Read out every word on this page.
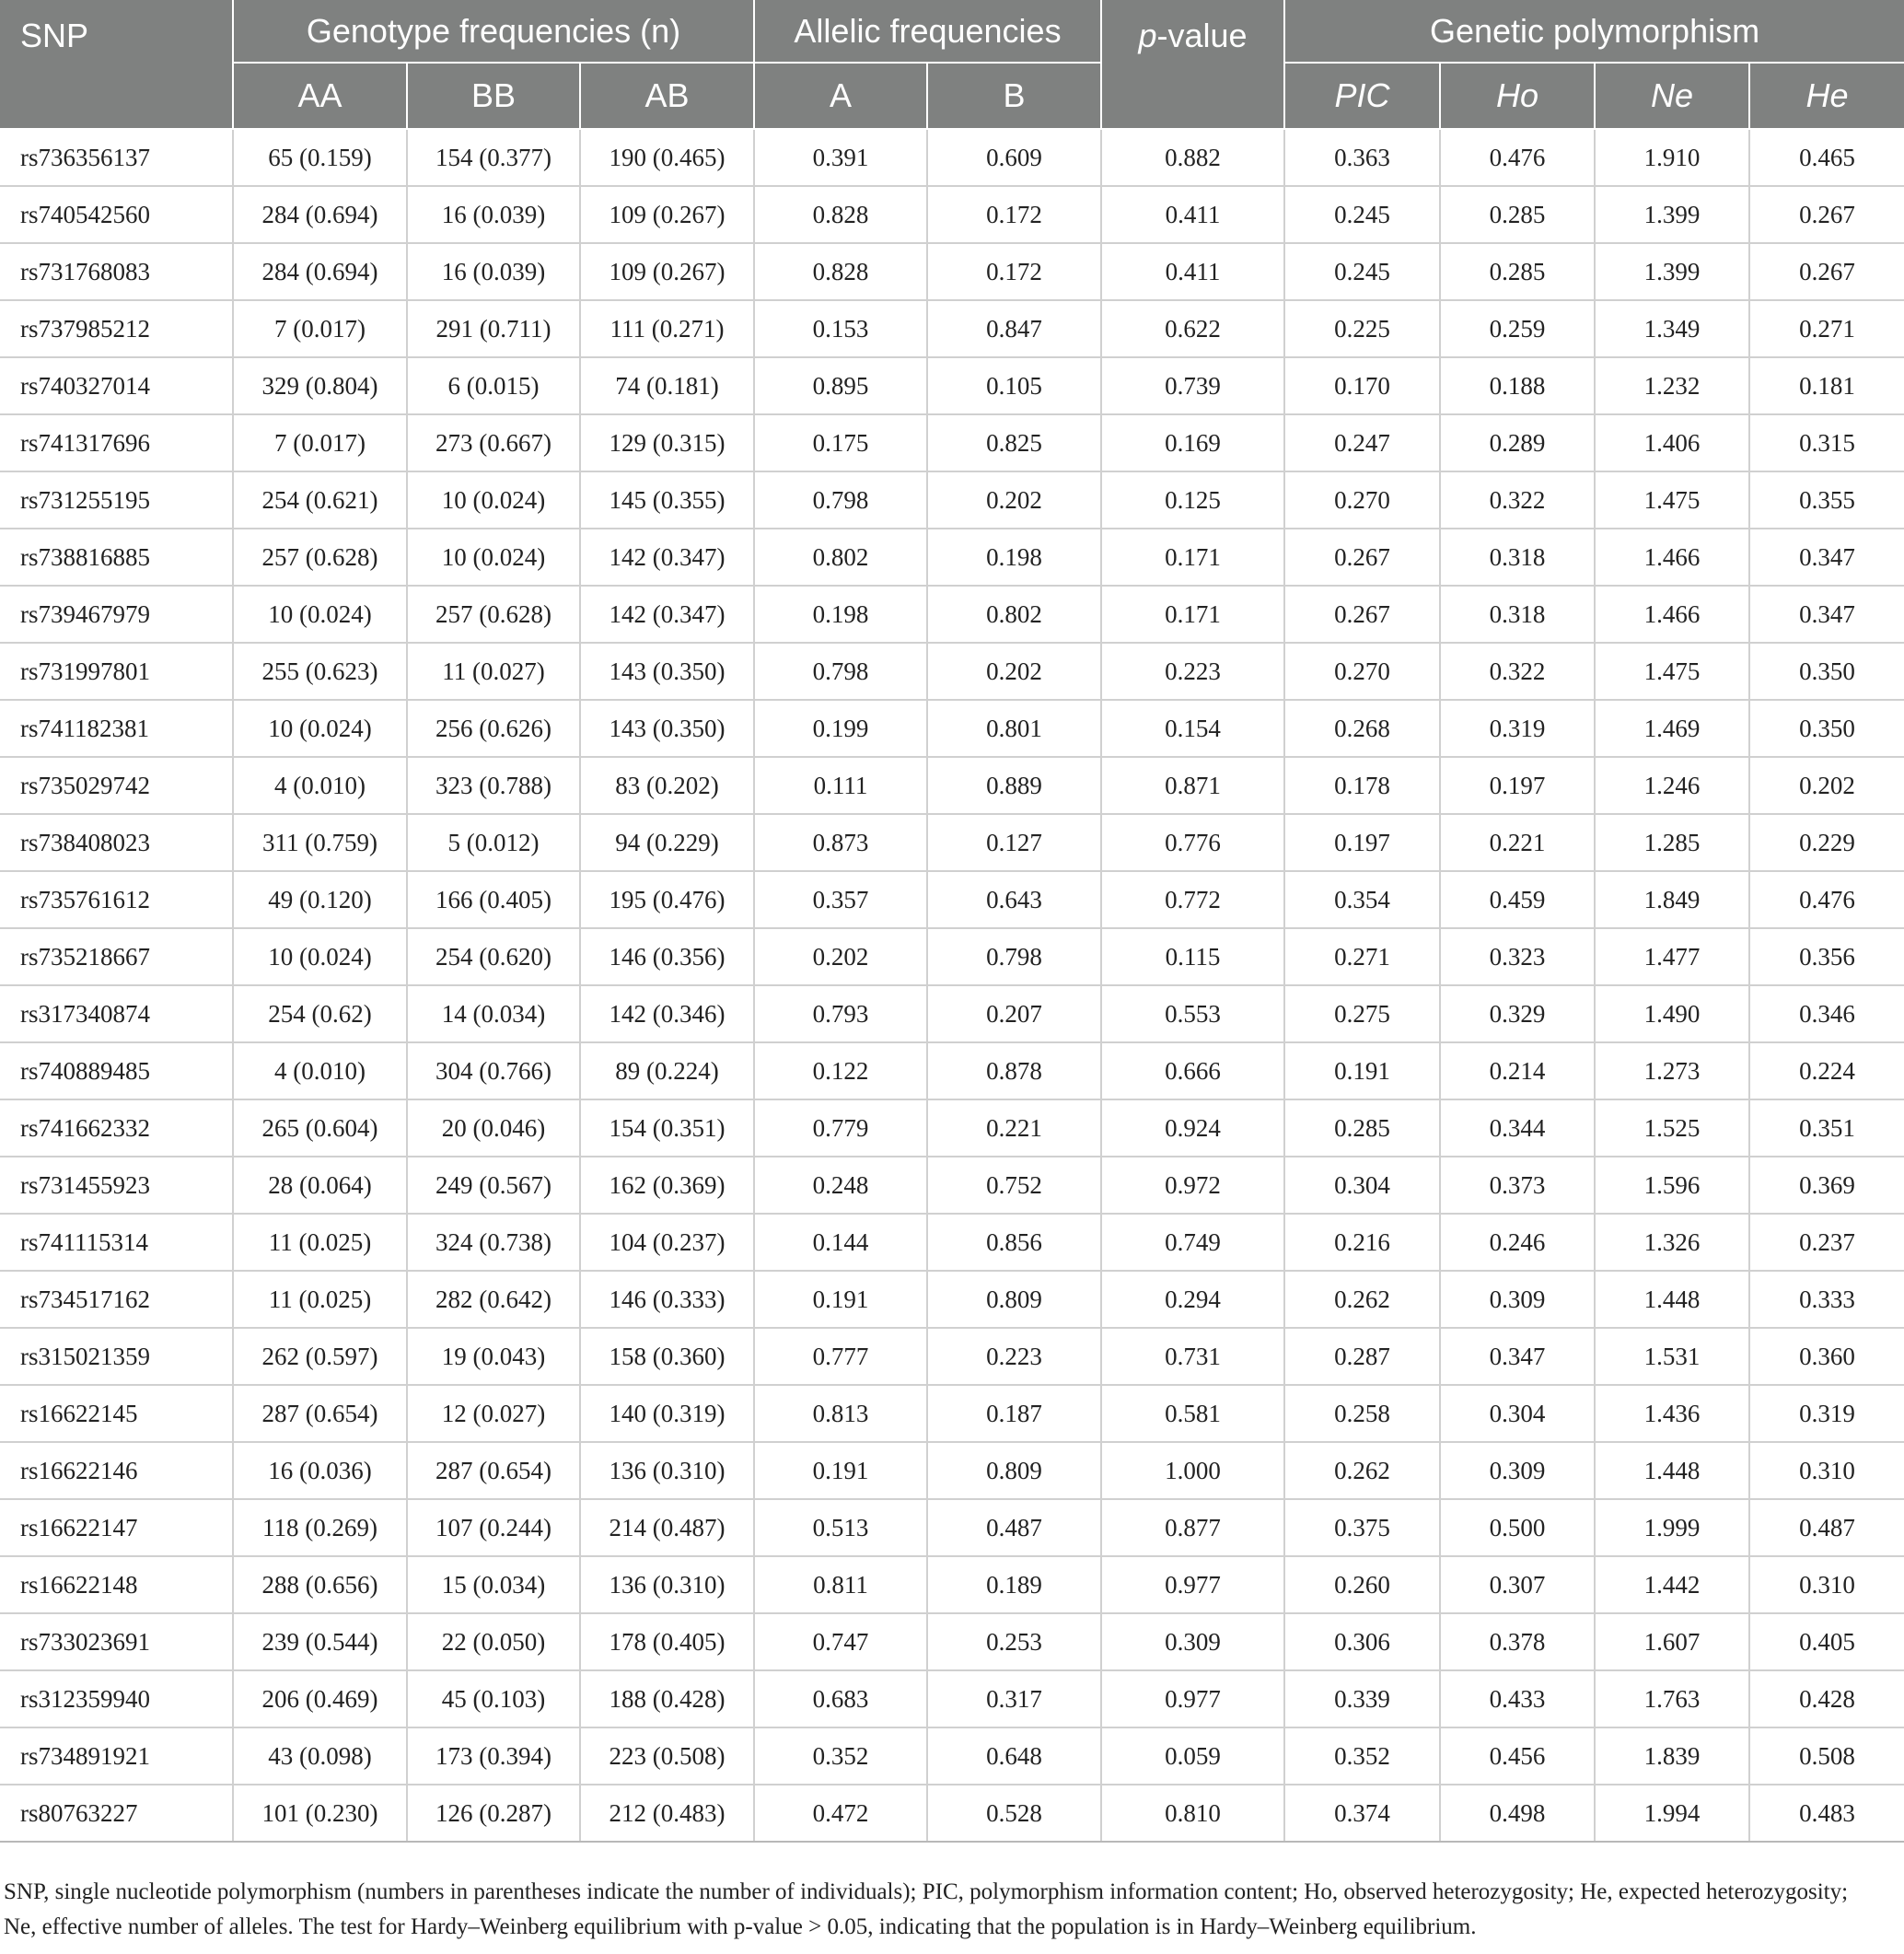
SNP	Genotype frequencies (n)			Allelic frequencies		p-value	Genetic polymorphism			
	AA	BB	AB	A	B		PIC	Ho	Ne	He
rs736356137	65 (0.159)	154 (0.377)	190 (0.465)	0.391	0.609	0.882	0.363	0.476	1.910	0.465
rs740542560	284 (0.694)	16 (0.039)	109 (0.267)	0.828	0.172	0.411	0.245	0.285	1.399	0.267
rs731768083	284 (0.694)	16 (0.039)	109 (0.267)	0.828	0.172	0.411	0.245	0.285	1.399	0.267
rs737985212	7 (0.017)	291 (0.711)	111 (0.271)	0.153	0.847	0.622	0.225	0.259	1.349	0.271
rs740327014	329 (0.804)	6 (0.015)	74 (0.181)	0.895	0.105	0.739	0.170	0.188	1.232	0.181
rs741317696	7 (0.017)	273 (0.667)	129 (0.315)	0.175	0.825	0.169	0.247	0.289	1.406	0.315
rs731255195	254 (0.621)	10 (0.024)	145 (0.355)	0.798	0.202	0.125	0.270	0.322	1.475	0.355
rs738816885	257 (0.628)	10 (0.024)	142 (0.347)	0.802	0.198	0.171	0.267	0.318	1.466	0.347
rs739467979	10 (0.024)	257 (0.628)	142 (0.347)	0.198	0.802	0.171	0.267	0.318	1.466	0.347
rs731997801	255 (0.623)	11 (0.027)	143 (0.350)	0.798	0.202	0.223	0.270	0.322	1.475	0.350
rs741182381	10 (0.024)	256 (0.626)	143 (0.350)	0.199	0.801	0.154	0.268	0.319	1.469	0.350
rs735029742	4 (0.010)	323 (0.788)	83 (0.202)	0.111	0.889	0.871	0.178	0.197	1.246	0.202
rs738408023	311 (0.759)	5 (0.012)	94 (0.229)	0.873	0.127	0.776	0.197	0.221	1.285	0.229
rs735761612	49 (0.120)	166 (0.405)	195 (0.476)	0.357	0.643	0.772	0.354	0.459	1.849	0.476
rs735218667	10 (0.024)	254 (0.620)	146 (0.356)	0.202	0.798	0.115	0.271	0.323	1.477	0.356
rs317340874	254 (0.62)	14 (0.034)	142 (0.346)	0.793	0.207	0.553	0.275	0.329	1.490	0.346
rs740889485	4 (0.010)	304 (0.766)	89 (0.224)	0.122	0.878	0.666	0.191	0.214	1.273	0.224
rs741662332	265 (0.604)	20 (0.046)	154 (0.351)	0.779	0.221	0.924	0.285	0.344	1.525	0.351
rs731455923	28 (0.064)	249 (0.567)	162 (0.369)	0.248	0.752	0.972	0.304	0.373	1.596	0.369
rs741115314	11 (0.025)	324 (0.738)	104 (0.237)	0.144	0.856	0.749	0.216	0.246	1.326	0.237
rs734517162	11 (0.025)	282 (0.642)	146 (0.333)	0.191	0.809	0.294	0.262	0.309	1.448	0.333
rs315021359	262 (0.597)	19 (0.043)	158 (0.360)	0.777	0.223	0.731	0.287	0.347	1.531	0.360
rs16622145	287 (0.654)	12 (0.027)	140 (0.319)	0.813	0.187	0.581	0.258	0.304	1.436	0.319
rs16622146	16 (0.036)	287 (0.654)	136 (0.310)	0.191	0.809	1.000	0.262	0.309	1.448	0.310
rs16622147	118 (0.269)	107 (0.244)	214 (0.487)	0.513	0.487	0.877	0.375	0.500	1.999	0.487
rs16622148	288 (0.656)	15 (0.034)	136 (0.310)	0.811	0.189	0.977	0.260	0.307	1.442	0.310
rs733023691	239 (0.544)	22 (0.050)	178 (0.405)	0.747	0.253	0.309	0.306	0.378	1.607	0.405
rs312359940	206 (0.469)	45 (0.103)	188 (0.428)	0.683	0.317	0.977	0.339	0.433	1.763	0.428
rs734891921	43 (0.098)	173 (0.394)	223 (0.508)	0.352	0.648	0.059	0.352	0.456	1.839	0.508
rs80763227	101 (0.230)	126 (0.287)	212 (0.483)	0.472	0.528	0.810	0.374	0.498	1.994	0.483
SNP, single nucleotide polymorphism (numbers in parentheses indicate the number of individuals); PIC, polymorphism information content; Ho, observed heterozygosity; He, expected heterozygosity; Ne, effective number of alleles. The test for Hardy–Weinberg equilibrium with p-value > 0.05, indicating that the population is in Hardy–Weinberg equilibrium.
